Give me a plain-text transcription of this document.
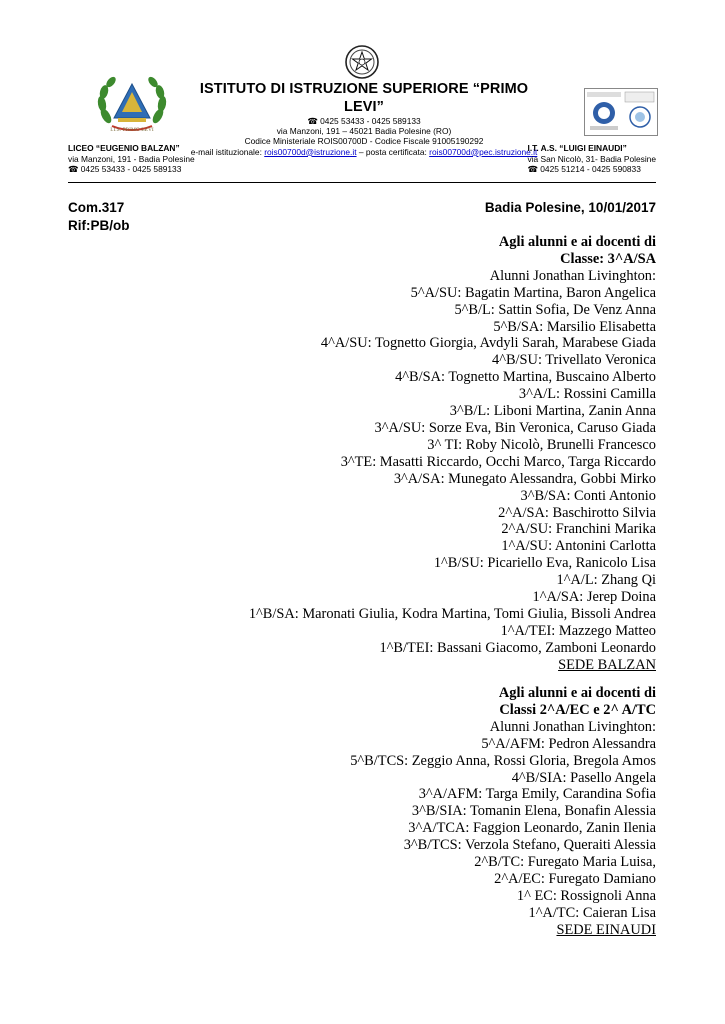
I.I.S. PRIMO LEVI
ISTITUTO DI ISTRUZIONE SUPERIORE “PRIMO LEVI”
☎ 0425 53433 - 0425 589133
via Manzoni, 191 – 45021 Badia Polesine (RO)
Codice Ministeriale ROIS00700D - Codice Fiscale 91005190292
e-mail istituzionale: rois00700d@istruzione.it – posta certificata: rois00700d@pec.istruzione.it
LICEO “EUGENIO BALZAN”
via Manzoni, 191 - Badia Polesine
☎ 0425 53433 - 0425 589133
I.T. A.S. “LUIGI EINAUDI”
via San Nicolò, 31- Badia Polesine
☎ 0425 51214 - 0425 590833
Com.317
Rif:PB/ob
Badia Polesine, 10/01/2017
Agli alunni e ai docenti di
Classe: 3^A/SA
Alunni Jonathan Livinghton:
5^A/SU: Bagatin Martina, Baron Angelica
5^B/L: Sattin Sofia, De Venz Anna
5^B/SA: Marsilio Elisabetta
4^A/SU: Tognetto Giorgia, Avdyli Sarah, Marabese Giada
4^B/SU: Trivellato Veronica
4^B/SA: Tognetto Martina, Buscaino Alberto
3^A/L: Rossini Camilla
3^B/L: Liboni Martina, Zanin Anna
3^A/SU: Sorze Eva, Bin Veronica, Caruso Giada
3^ TI: Roby Nicolò, Brunelli Francesco
3^TE: Masatti Riccardo, Occhi Marco, Targa Riccardo
3^A/SA: Munegato Alessandra, Gobbi Mirko
3^B/SA: Conti Antonio
2^A/SA: Baschirotto Silvia
2^A/SU: Franchini Marika
1^A/SU: Antonini Carlotta
1^B/SU: Picariello Eva, Ranicolo Lisa
1^A/L: Zhang Qi
1^A/SA: Jerep Doina
1^B/SA: Maronati Giulia, Kodra Martina, Tomi Giulia, Bissoli Andrea
1^A/TEI: Mazzego Matteo
1^B/TEI: Bassani Giacomo, Zamboni Leonardo
SEDE BALZAN
Agli alunni e ai docenti di
Classi 2^A/EC e 2^ A/TC
Alunni Jonathan Livinghton:
5^A/AFM: Pedron Alessandra
5^B/TCS: Zeggio Anna, Rossi Gloria, Bregola Amos
4^B/SIA: Pasello Angela
3^A/AFM: Targa Emily, Carandina Sofia
3^B/SIA: Tomanin Elena, Bonafin Alessia
3^A/TCA: Faggion Leonardo, Zanin Ilenia
3^B/TCS: Verzola Stefano, Queraiti Alessia
2^B/TC: Furegato Maria Luisa,
2^A/EC: Furegato Damiano
1^ EC: Rossignoli Anna
1^A/TC: Caieran Lisa
SEDE EINAUDI
